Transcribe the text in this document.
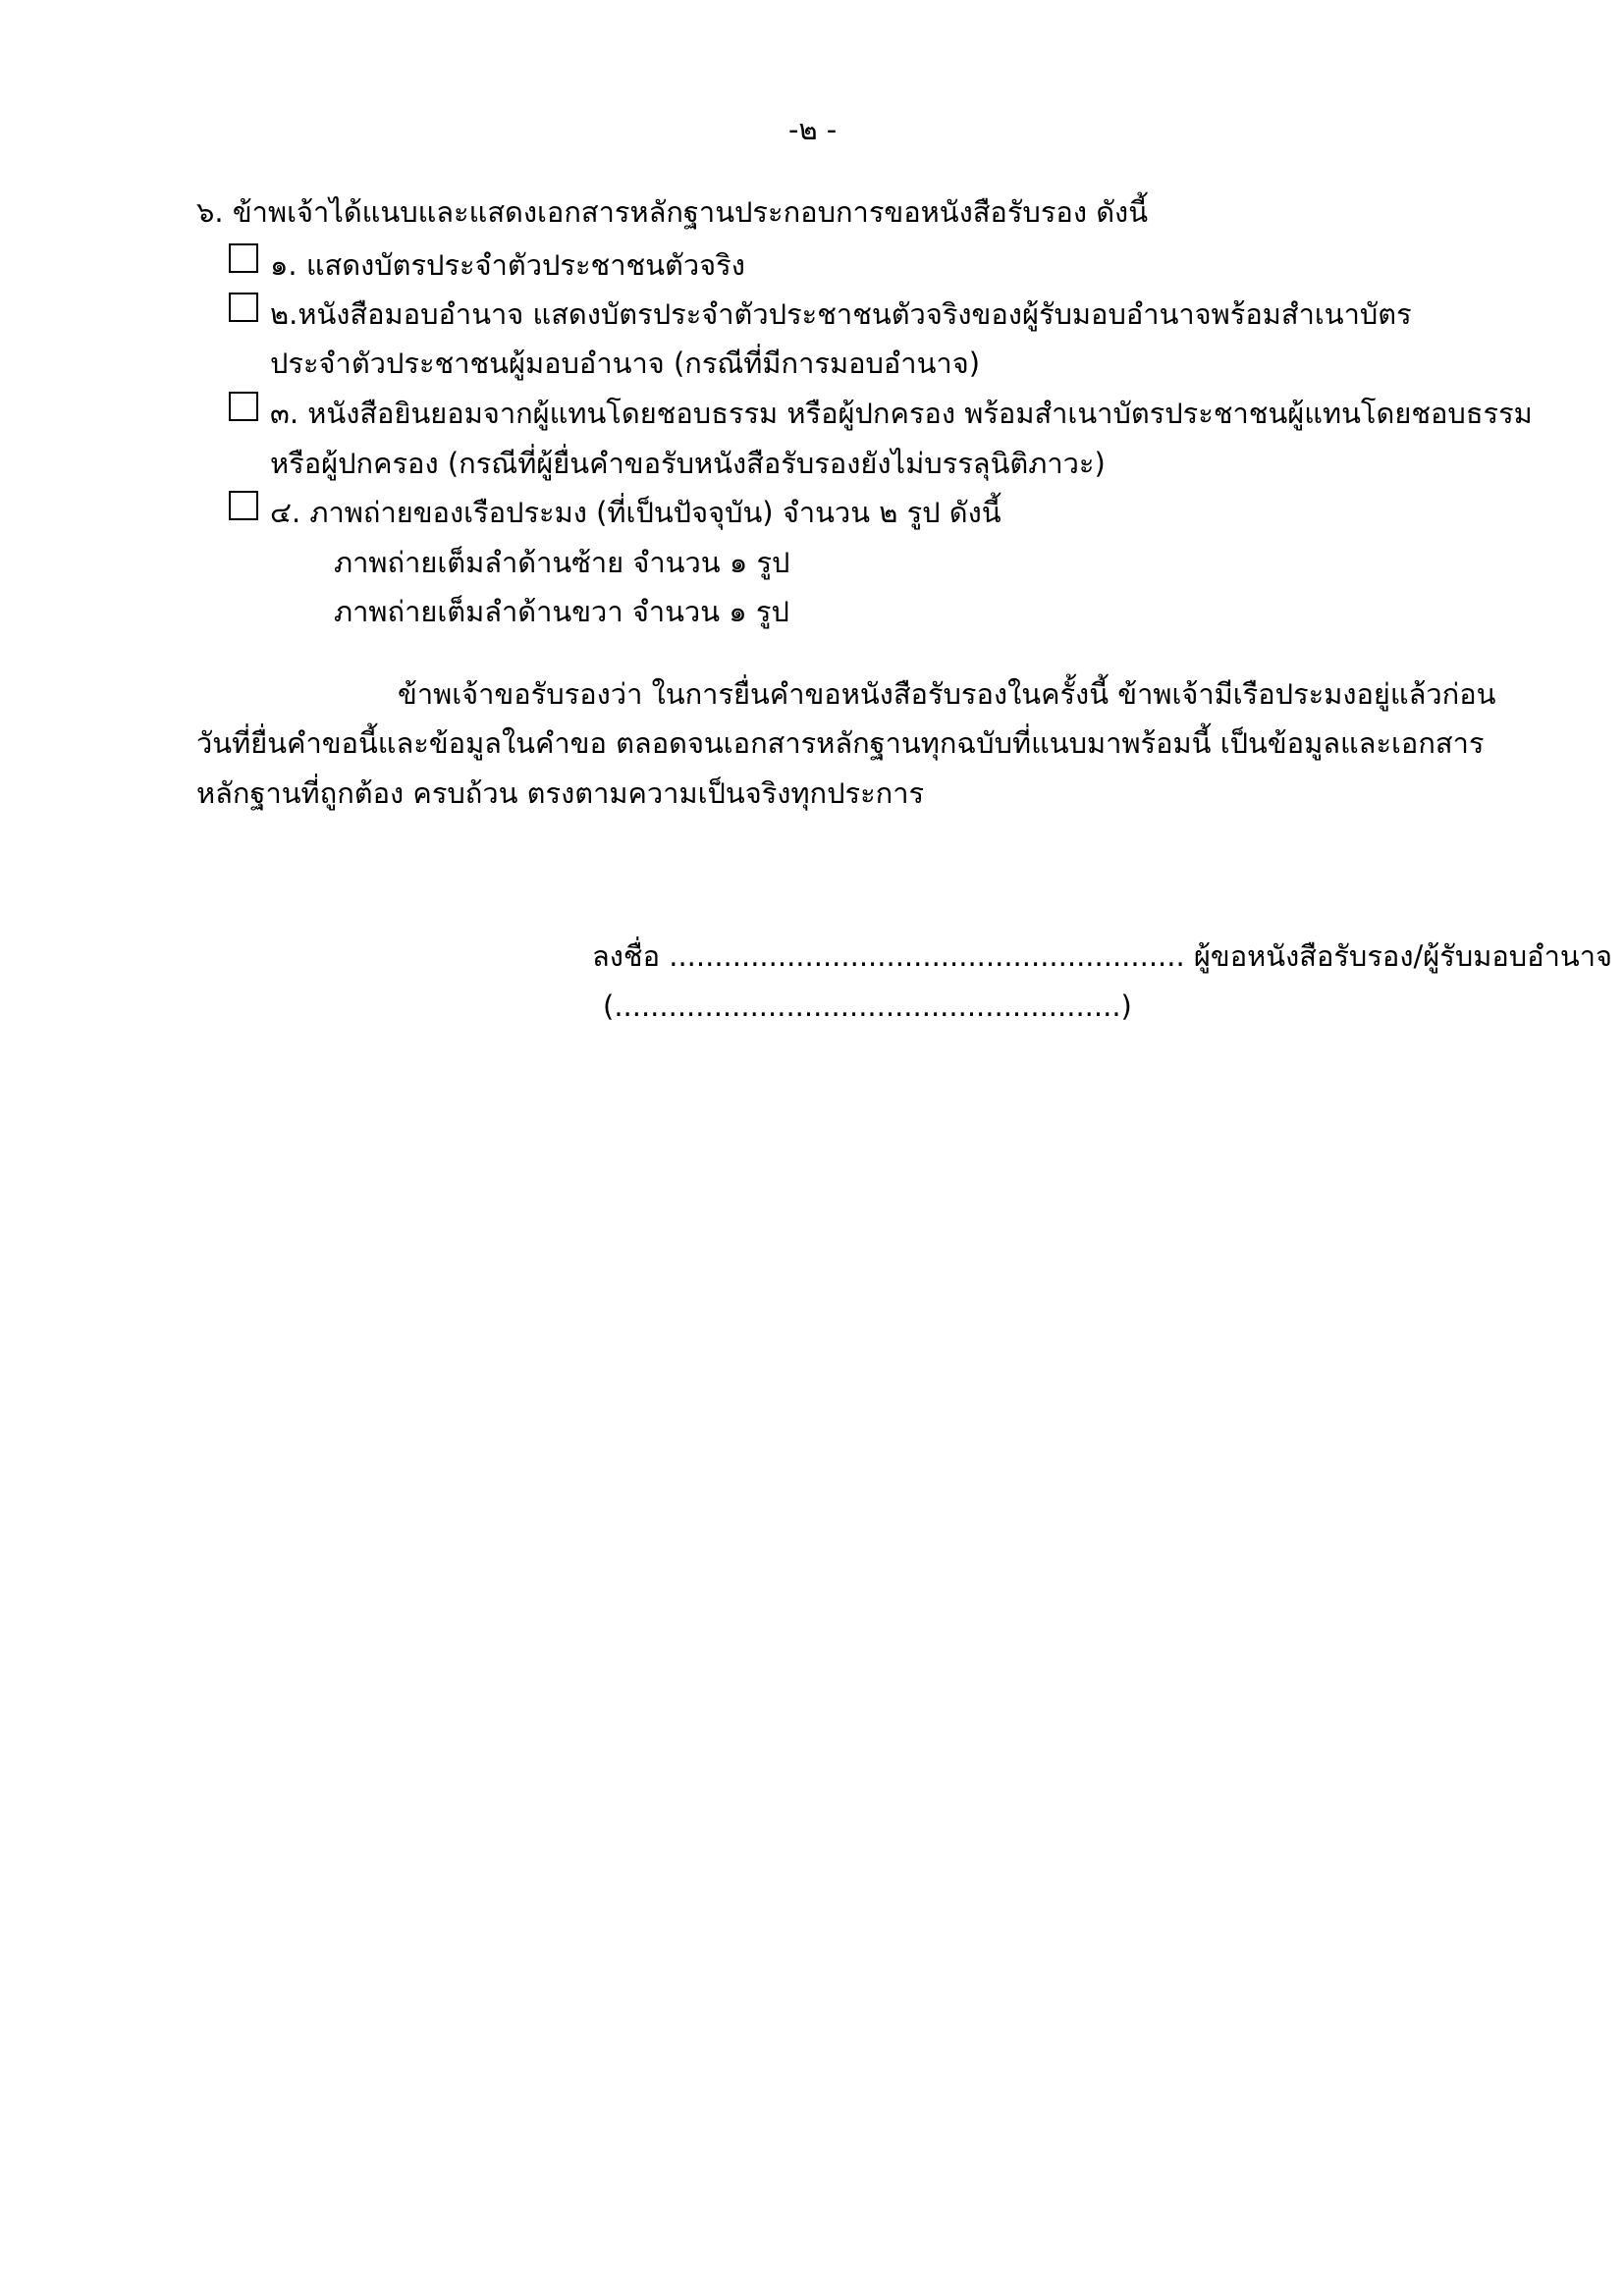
-๒ -
๖. ข้าพเจ้าได้แนบและแสดงเอกสารหลักฐานประกอบการขอหนังสือรับรอง ดังนี้
๑. แสดงบัตรประจำตัวประชาชนตัวจริง
๒.หนังสือมอบอำนาจ แสดงบัตรประจำตัวประชาชนตัวจริงของผู้รับมอบอำนาจพร้อมสำเนาบัตร
ประจำตัวประชาชนผู้มอบอำนาจ (กรณีที่มีการมอบอำนาจ)
๓. หนังสือยินยอมจากผู้แทนโดยชอบธรรม หรือผู้ปกครอง พร้อมสำเนาบัตรประชาชนผู้แทนโดยชอบธรรม
หรือผู้ปกครอง (กรณีที่ผู้ยื่นคำขอรับหนังสือรับรองยังไม่บรรลุนิติภาวะ)
๔. ภาพถ่ายของเรือประมง (ที่เป็นปัจจุบัน) จำนวน ๒ รูป ดังนี้
ภาพถ่ายเต็มลำด้านซ้าย จำนวน ๑ รูป
ภาพถ่ายเต็มลำด้านขวา จำนวน ๑ รูป
ข้าพเจ้าขอรับรองว่า ในการยื่นคำขอหนังสือรับรองในครั้งนี้ ข้าพเจ้ามีเรือประมงอยู่แล้วก่อน
วันที่ยื่นคำขอนี้และข้อมูลในคำขอ ตลอดจนเอกสารหลักฐานทุกฉบับที่แนบมาพร้อมนี้ เป็นข้อมูลและเอกสาร
หลักฐานที่ถูกต้อง ครบถ้วน ตรงตามความเป็นจริงทุกประการ
ลงชื่อ ......................................................... ผู้ขอหนังสือรับรอง/ผู้รับมอบอำนาจ
(........................................................)
